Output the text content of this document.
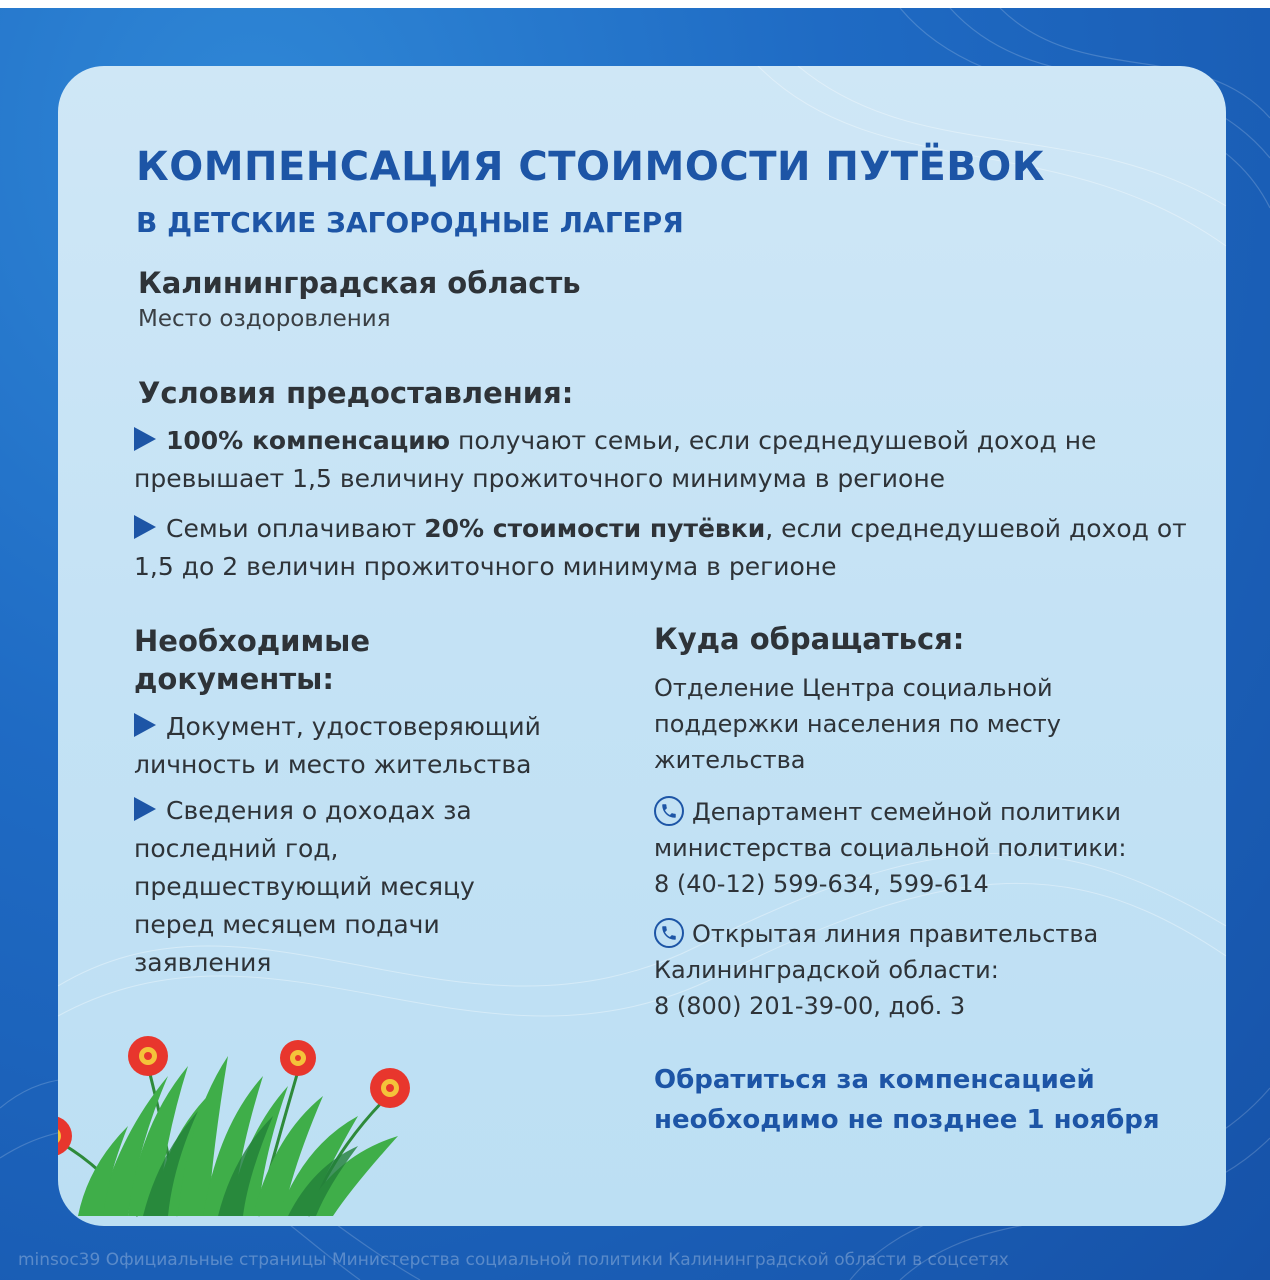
КОМПЕНСАЦИЯ СТОИМОСТИ ПУТЁВОК
В ДЕТСКИЕ ЗАГОРОДНЫЕ ЛАГЕРЯ
Калининградская область
Место оздоровления
Условия предоставления:
100% компенсацию получают семьи, если среднедушевой доход не превышает 1,5 величину прожиточного минимума в регионе
Семьи оплачивают 20% стоимости путёвки, если среднедушевой доход от 1,5 до 2 величин прожиточного минимума в регионе
Необходимые документы:
Документ, удостоверяющий личность и место жительства
Сведения о доходах за последний год, предшествующий месяцу перед месяцем подачи заявления
Куда обращаться:
Отделение Центра социальной поддержки населения по месту жительства
Департамент семейной политики
министерства социальной политики:
8 (40-12) 599-634, 599-614
Открытая линия правительства
Калининградской области:
8 (800) 201-39-00, доб. 3
Обратиться за компенсацией
необходимо не позднее 1 ноября
minsoc39 Официальные страницы Министерства социальной политики Калининградской области в соцсетях
